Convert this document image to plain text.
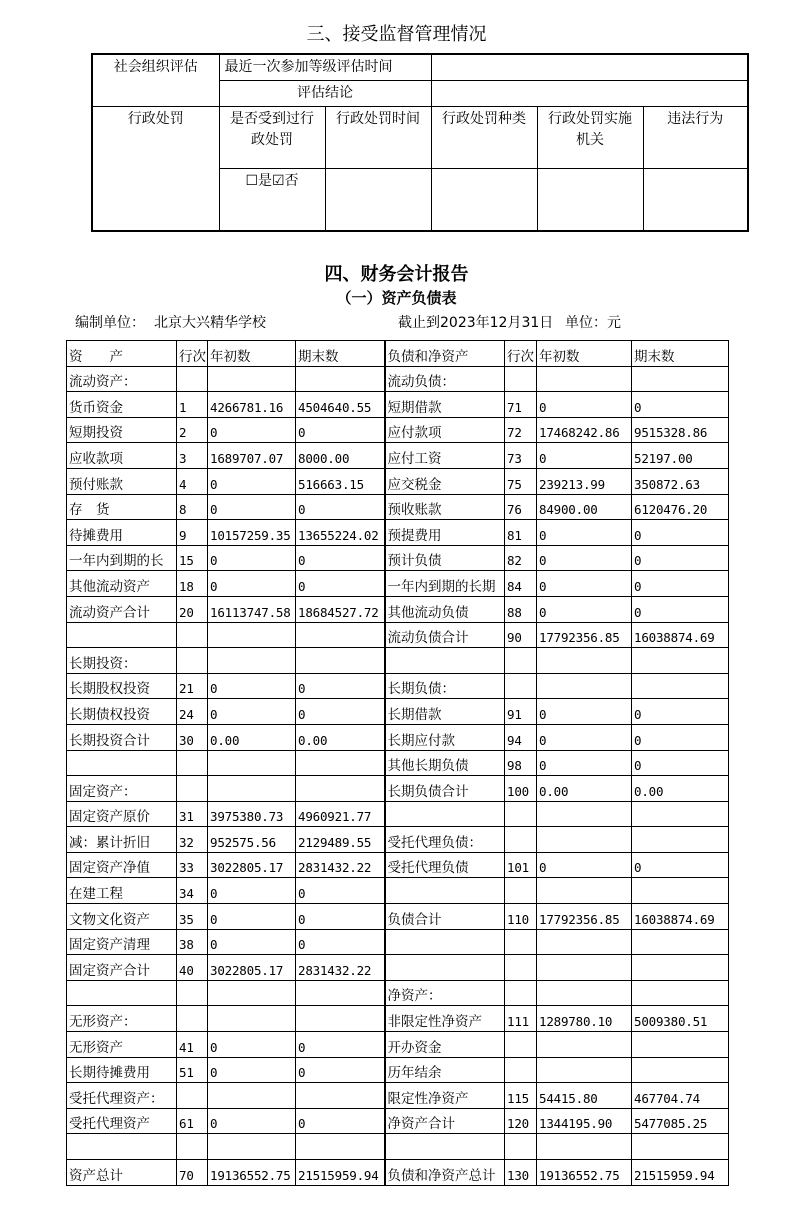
三、接受监督管理情况
社会组织评估	最近一次参加等级评估时间				
	评估结论				
行政处罚	是否受到过行政处罚	行政处罚时间	行政处罚种类	行政处罚实施机关	违法行为
	☐是☑否				
四、财务会计报告
（一）资产负债表
编制单位： 北京大兴精华学校	截止到2023年12月31日 单位：元
资　　产	行次	年初数	期末数	负债和净资产	行次	年初数	期末数
流动资产：				流动负债：			
货币资金	1	4266781.16	4504640.55	短期借款	71	0	0
短期投资	2	0	0	应付款项	72	17468242.86	9515328.86
应收款项	3	1689707.07	8000.00	应付工资	73	0	52197.00
预付账款	4	0	516663.15	应交税金	75	239213.99	350872.63
存　货	8	0	0	预收账款	76	84900.00	6120476.20
待摊费用	9	10157259.35	13655224.02	预提费用	81	0	0
一年内到期的长	15	0	0	预计负债	82	0	0
其他流动资产	18	0	0	一年内到期的长期	84	0	0
流动资产合计	20	16113747.58	18684527.72	其他流动负债	88	0	0
				流动负债合计	90	17792356.85	16038874.69
长期投资：							
长期股权投资	21	0	0	长期负债：			
长期债权投资	24	0	0	长期借款	91	0	0
长期投资合计	30	0.00	0.00	长期应付款	94	0	0
				其他长期负债	98	0	0
固定资产：				长期负债合计	100	0.00	0.00
固定资产原价	31	3975380.73	4960921.77				
减：累计折旧	32	952575.56	2129489.55	受托代理负债：			
固定资产净值	33	3022805.17	2831432.22	受托代理负债	101	0	0
在建工程	34	0	0				
文物文化资产	35	0	0	负债合计	110	17792356.85	16038874.69
固定资产清理	38	0	0				
固定资产合计	40	3022805.17	2831432.22				
				净资产：			
无形资产：				非限定性净资产	111	1289780.10	5009380.51
无形资产	41	0	0	开办资金			
长期待摊费用	51	0	0	历年结余			
受托代理资产：				限定性净资产	115	54415.80	467704.74
受托代理资产	61	0	0	净资产合计	120	1344195.90	5477085.25

资产总计	70	19136552.75	21515959.94	负债和净资产总计	130	19136552.75	21515959.94
